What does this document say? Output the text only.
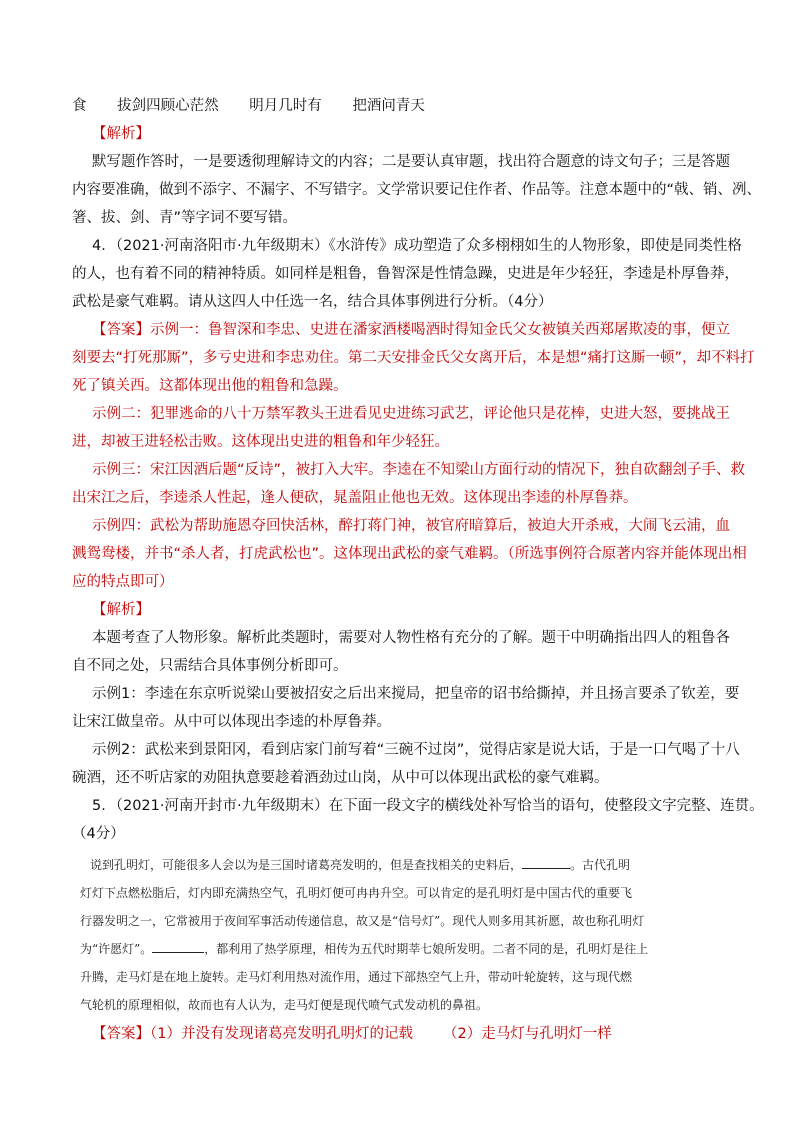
食 拔剑四顾心茫然 明月几时有 把酒问青天
【解析】
默写题作答时，一是要透彻理解诗文的内容；二是要认真审题，找出符合题意的诗文句子；三是答题
内容要准确，做到不添字、不漏字、不写错字。文学常识要记住作者、作品等。注意本题中的“戟、销、冽、
箸、拔、剑、青”等字词不要写错。
4．（2021·河南洛阳市·九年级期末）《水浒传》成功塑造了众多栩栩如生的人物形象，即使是同类性格
的人，也有着不同的精神特质。如同样是粗鲁，鲁智深是性情急躁，史进是年少轻狂，李逵是朴厚鲁莽，
武松是豪气难羁。请从这四人中任选一名，结合具体事例进行分析。（4分）
【答案】示例一：鲁智深和李忠、史进在潘家酒楼喝酒时得知金氏父女被镇关西郑屠欺凌的事，便立
刻要去“打死那厮”，多亏史进和李忠劝住。第二天安排金氏父女离开后，本是想“痛打这厮一顿”，却不料打
死了镇关西。这都体现出他的粗鲁和急躁。
示例二：犯罪逃命的八十万禁军教头王进看见史进练习武艺，评论他只是花棒，史进大怒，要挑战王
进，却被王进轻松击败。这体现出史进的粗鲁和年少轻狂。
示例三：宋江因酒后题“反诗”，被打入大牢。李逵在不知梁山方面行动的情况下，独自砍翻刽子手、救
出宋江之后，李逵杀人性起，逢人便砍，晁盖阻止他也无效。这体现出李逵的朴厚鲁莽。
示例四：武松为帮助施恩夺回快活林，醉打蒋门神，被官府暗算后，被迫大开杀戒，大闹飞云浦，血
溅鸳鸯楼，并书“杀人者，打虎武松也”。这体现出武松的豪气难羁。（所选事例符合原著内容并能体现出相
应的特点即可）
【解析】
本题考查了人物形象。解析此类题时，需要对人物性格有充分的了解。题干中明确指出四人的粗鲁各
自不同之处，只需结合具体事例分析即可。
示例1：李逵在东京听说梁山要被招安之后出来搅局，把皇帝的诏书给撕掉，并且扬言要杀了钦差，要
让宋江做皇帝。从中可以体现出李逵的朴厚鲁莽。
示例2：武松来到景阳冈，看到店家门前写着“三碗不过岗”，觉得店家是说大话，于是一口气喝了十八
碗酒，还不听店家的劝阻执意要趁着酒劲过山岗，从中可以体现出武松的豪气难羁。
5．（2021·河南开封市·九年级期末）在下面一段文字的横线处补写恰当的语句，使整段文字完整、连贯。
（4分）
说到孔明灯，可能很多人会以为是三国时诸葛亮发明的，但是查找相关的史料后，	。古代孔明
灯灯下点燃松脂后，灯内即充满热空气，孔明灯便可冉冉升空。可以肯定的是孔明灯是中国古代的重要飞
行器发明之一，它常被用于夜间军事活动传递信息，故又是“信号灯”。现代人则多用其祈愿，故也称孔明灯
为“许愿灯”。	，都利用了热学原理，相传为五代时期莘七娘所发明。二者不同的是，孔明灯是往上
升腾，走马灯是在地上旋转。走马灯利用热对流作用，通过下部热空气上升，带动叶轮旋转，这与现代燃
气轮机的原理相似，故而也有人认为，走马灯便是现代喷气式发动机的鼻祖。
【答案】（1）并没有发现诸葛亮发明孔明灯的记载 （2）走马灯与孔明灯一样
